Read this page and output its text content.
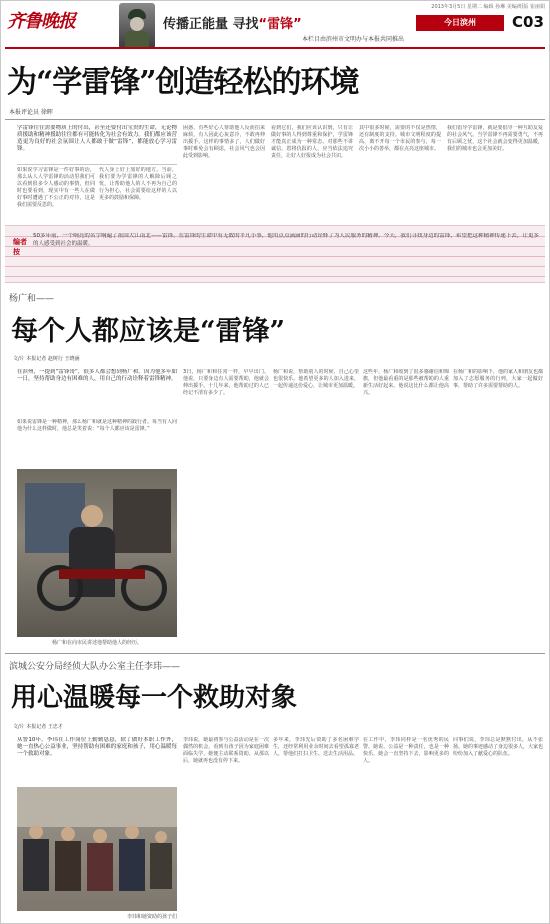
齐鲁晚报
2013年3月5日 星期二 编辑 孙琳 美编/组版 崔丽娟
传播正能量 寻找“雷锋”	今日滨州	C03
本栏目由滨州市文明办与本报共同推出
为“学雷锋”创造轻松的环境
本报评论员 徐晖
学雷锋往往需要物质上的付出，甚至还要付出宝贵的生命，无论物质援助和精神援助往往都有可能转化为社会有效力。我们都应该营造更为良好的社会氛围让人人都敢于做“雷锋”，都能放心学习雷锋。
如果说学习雷锋是一件好事的话，那么从人人学雷锋的活动里我们可以看到很多令人感动的事情，但同时也要看到，现实中有一些人在做好事时遭遇了不公正的对待，这是我们需要反思的。
代人身上好上加好的地方。当前，我们要为学雷锋的人解除后顾之忧，让帮助他人的人不再为自己的行为担心，社会需要给这样的人以更多的鼓励和保障。
困惑，有些好心人帮助他人反而招来麻烦，有人因此心灰意冷，不敢再伸出援手。这样的事情多了，人们做好事时难免会有顾虑，社会风气也会因此受到影响。
看到它们，我们应该认识到，只有让做好事的人得到尊重和保护，学雷锋才能真正成为一种常态。对那些不讲诚信、恩将仇报的人，应当依法追究责任，让好人好报成为社会共识。
其中很多时候，需要的不仅是热情，还有制度的支持。城市文明程度的提高，离不开每一个市民的参与，每一次小小的善举，都在点亮这座城市。
我们倡导学雷锋，就是要倡导一种互助友爱的社会风气。当学雷锋不再需要勇气，不再有后顾之忧，这个社会就会变得更加温暖，我们的城市也会更加美好。
编者按
50多年前，一个响亮的名字响遍了祖国大江南北——雷锋。在雷锋的生命中有无数的平凡小事，他用点点滴滴的行动诠释了为人民服务的精神。今天，我们寻找身边的雷锋，希望把这种精神传递下去，让更多的人感受到社会的温暖。
杨广和——
每个人都应该是“雷锋”
文/片 本报记者 赵树行 王晓涵
在滨州，一提到“雷锋哥”，很多人都会想到杨广和。因为他多年如一日，坚持帮助身边有困难的人，用自己的行动诠释着雷锋精神。
如果说雷锋是一种精神，那么杨广和就是这种精神的践行者。每当有人问他为什么这样做时，他总是笑着说：“每个人都应该是雷锋。”
3日，杨广和和往常一样，早早出门。他说，只要身边有人需要帮助，他就会伸出援手。十几年来，他帮助过的人已经记不清有多少了。
杨广和说，帮助别人的时候，自己心里也很快乐。他希望更多的人加入进来，一起传递这份爱心，让城市更加温暖。
这些年，杨广和收到了很多感谢信和锦旗，但他最看重的是那些被帮助的人重新生活好起来。他说这比什么都让他高兴。
在杨广和的影响下，他的家人和朋友也都加入了志愿服务的行列，大家一起做好事，帮助了许多需要帮助的人。
杨广和在向市民讲述他帮助他人的经历。
滨城公安分局经侦大队办公室主任李玮——
用心温暖每一个救助对象
文/片 本报记者 王忠才
从警10年，李玮在工作岗位上勤勤恳恳，除了做好本职工作外，她一直热心公益事业，坚持帮助有困难的家庭和孩子，用心温暖每一个救助对象。
李玮和她资助的孩子们
李玮说，她最初参与公益活动是在一次偶然的机会，看到有孩子因为家庭困难面临失学，她便主动联系资助。从那以后，她就再也没有停下来。
多年来，李玮先后资助了多名困难学生，还经常利用业余时间去看望孤寡老人，帮他们打扫卫生、送去生活用品。
在工作中，李玮同样是一名优秀的民警。她说，公益是一种责任，也是一种快乐，她会一直坚持下去，影响更多的人。
同事们说，李玮总是默默付出，从不张扬。她的事迹感动了身边很多人，大家也纷纷加入了献爱心的队伍。
